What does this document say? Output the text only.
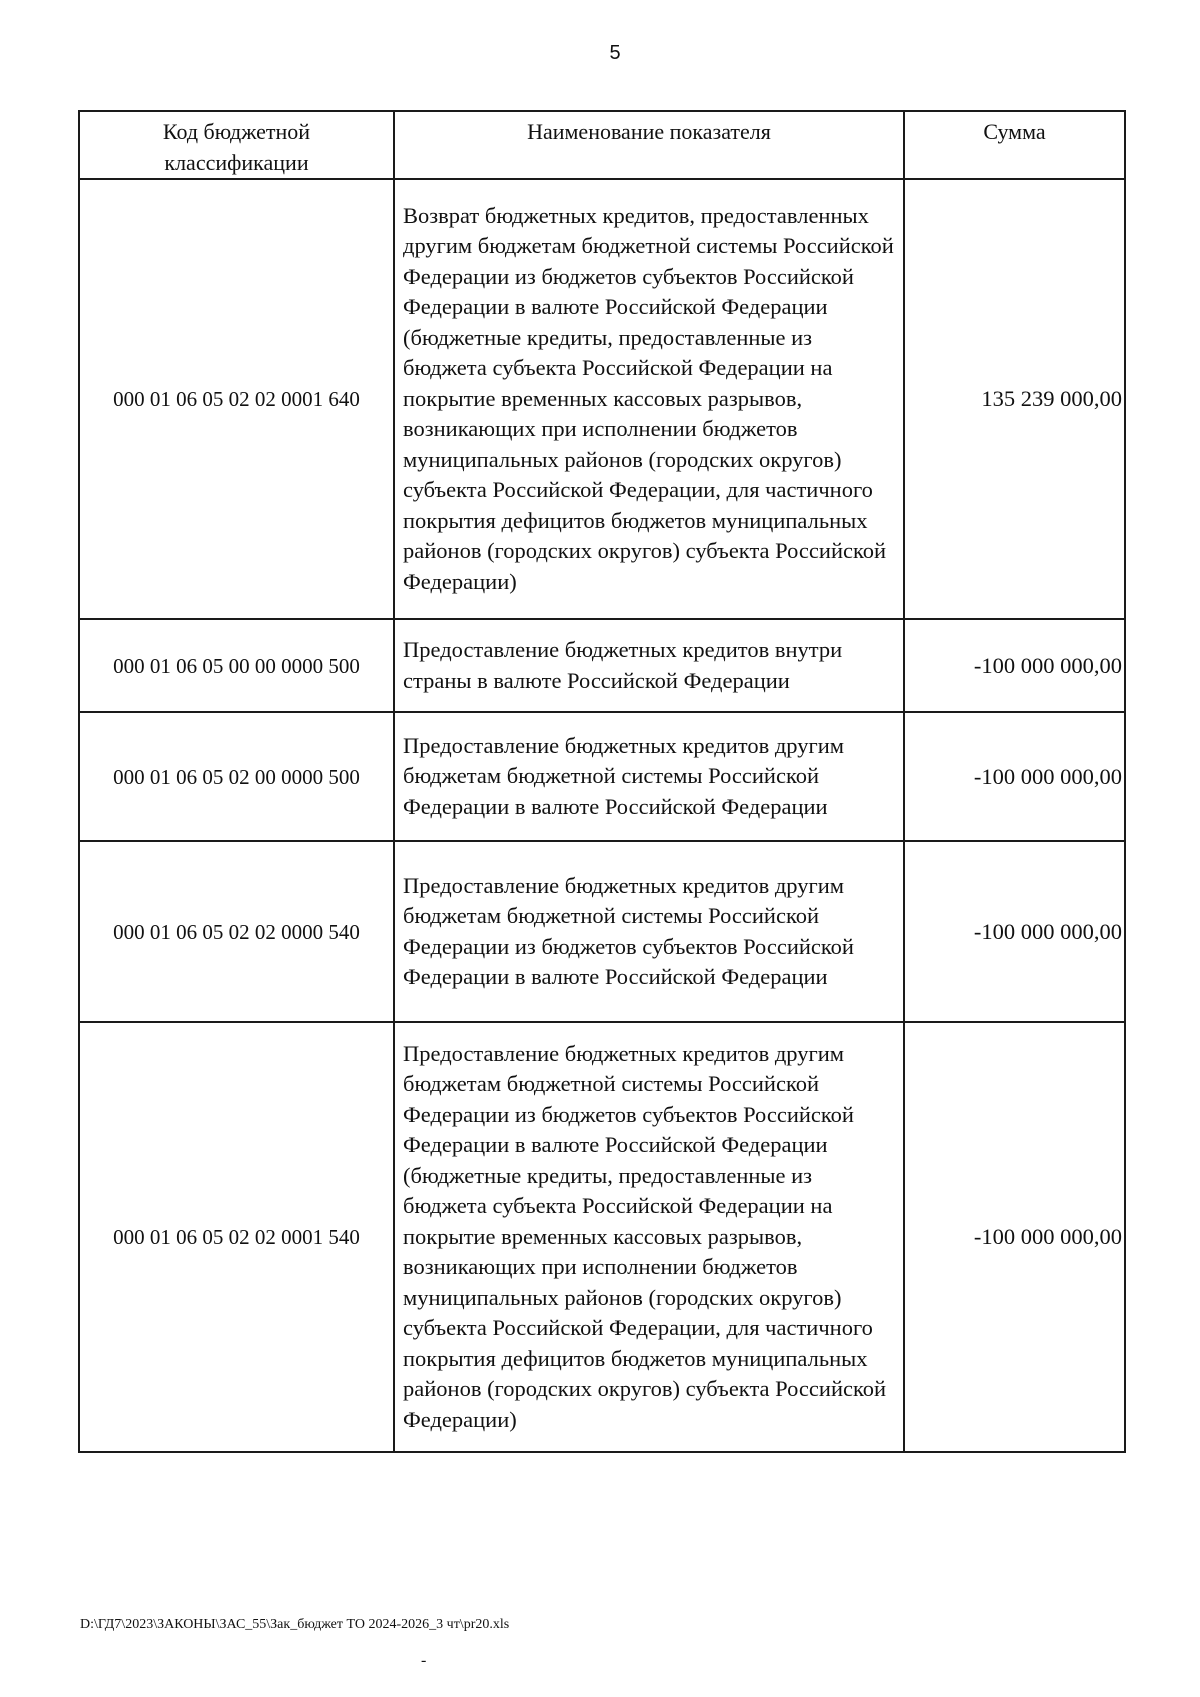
5
Код бюджетной классификации	Наименование показателя	Сумма
000 01 06 05 02 02 0001 640	Возврат бюджетных кредитов, предоставленных другим бюджетам бюджетной системы Российской Федерации из бюджетов субъектов Российской Федерации в валюте Российской Федерации (бюджетные кредиты, предоставленные из бюджета субъекта Российской Федерации на покрытие временных кассовых разрывов, возникающих при исполнении бюджетов муниципальных районов (городских округов) субъекта Российской Федерации, для частичного покрытия дефицитов бюджетов муниципальных районов (городских округов) субъекта Российской Федерации)	135 239 000,00
000 01 06 05 00 00 0000 500	Предоставление бюджетных кредитов внутри страны в валюте Российской Федерации	-100 000 000,00
000 01 06 05 02 00 0000 500	Предоставление бюджетных кредитов другим бюджетам бюджетной системы Российской Федерации в валюте Российской Федерации	-100 000 000,00
000 01 06 05 02 02 0000 540	Предоставление бюджетных кредитов другим бюджетам бюджетной системы Российской Федерации из бюджетов субъектов Российской Федерации в валюте Российской Федерации	-100 000 000,00
000 01 06 05 02 02 0001 540	Предоставление бюджетных кредитов другим бюджетам бюджетной системы Российской Федерации из бюджетов субъектов Российской Федерации в валюте Российской Федерации (бюджетные кредиты, предоставленные из бюджета субъекта Российской Федерации на покрытие временных кассовых разрывов, возникающих при исполнении бюджетов муниципальных районов (городских округов) субъекта Российской Федерации, для частичного покрытия дефицитов бюджетов муниципальных районов (городских округов) субъекта Российской Федерации)	-100 000 000,00
D:\ГД7\2023\ЗАКОНЫ\ЗАС_55\Зак_бюджет ТО 2024-2026_3 чт\pr20.xls
-
